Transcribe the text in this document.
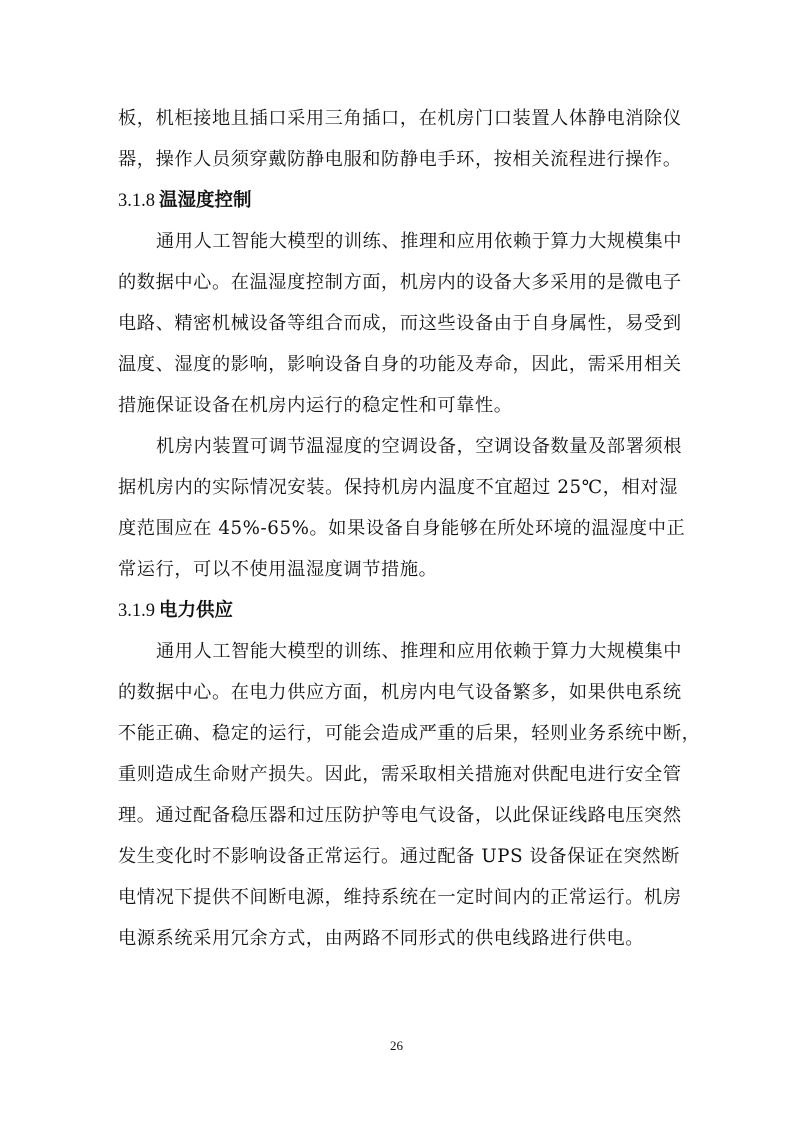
板，机柜接地且插口采用三角插口，在机房门口装置人体静电消除仪
器，操作人员须穿戴防静电服和防静电手环，按相关流程进行操作。
3.1.8 温湿度控制
通用人工智能大模型的训练、推理和应用依赖于算力大规模集中
的数据中心。在温湿度控制方面，机房内的设备大多采用的是微电子
电路、精密机械设备等组合而成，而这些设备由于自身属性，易受到
温度、湿度的影响，影响设备自身的功能及寿命，因此，需采用相关
措施保证设备在机房内运行的稳定性和可靠性。
机房内装置可调节温湿度的空调设备，空调设备数量及部署须根
据机房内的实际情况安装。保持机房内温度不宜超过 25℃，相对湿
度范围应在 45%-65%。如果设备自身能够在所处环境的温湿度中正
常运行，可以不使用温湿度调节措施。
3.1.9 电力供应
通用人工智能大模型的训练、推理和应用依赖于算力大规模集中
的数据中心。在电力供应方面，机房内电气设备繁多，如果供电系统
不能正确、稳定的运行，可能会造成严重的后果，轻则业务系统中断，
重则造成生命财产损失。因此，需采取相关措施对供配电进行安全管
理。通过配备稳压器和过压防护等电气设备，以此保证线路电压突然
发生变化时不影响设备正常运行。通过配备 UPS 设备保证在突然断
电情况下提供不间断电源，维持系统在一定时间内的正常运行。机房
电源系统采用冗余方式，由两路不同形式的供电线路进行供电。
26
